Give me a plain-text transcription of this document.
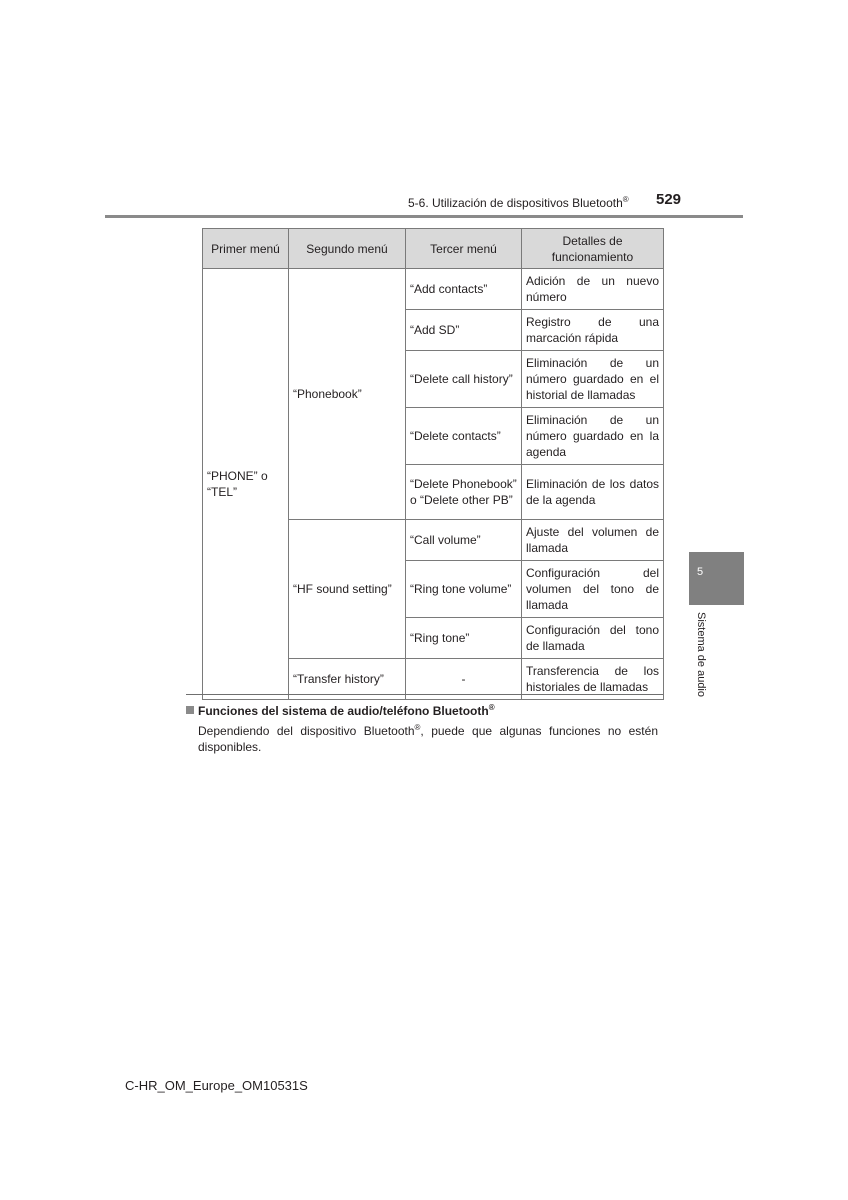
5-6. Utilización de dispositivos Bluetooth® 529
Primer menú	Segundo menú	Tercer menú	Detalles de funcionamiento
“PHONE” o “TEL”	“Phonebook”	“Add contacts”	Adición de un nuevo número
		“Add SD”	Registro de una marcación rápida
		“Delete call history”	Eliminación de un número guardado en el historial de llamadas
		“Delete contacts”	Eliminación de un número guardado en la agenda
		“Delete Phonebook” o “Delete other PB”	Eliminación de los datos de la agenda
	“HF sound setting”	“Call volume”	Ajuste del volumen de llamada
		“Ring tone volume”	Configuración del volumen del tono de llamada
		“Ring tone”	Configuración del tono de llamada
	“Transfer history”	-	Transferencia de los historiales de llamadas
Funciones del sistema de audio/teléfono Bluetooth®
Dependiendo del dispositivo Bluetooth®, puede que algunas funciones no estén disponibles.
5
Sistema de audio
C-HR_OM_Europe_OM10531S
